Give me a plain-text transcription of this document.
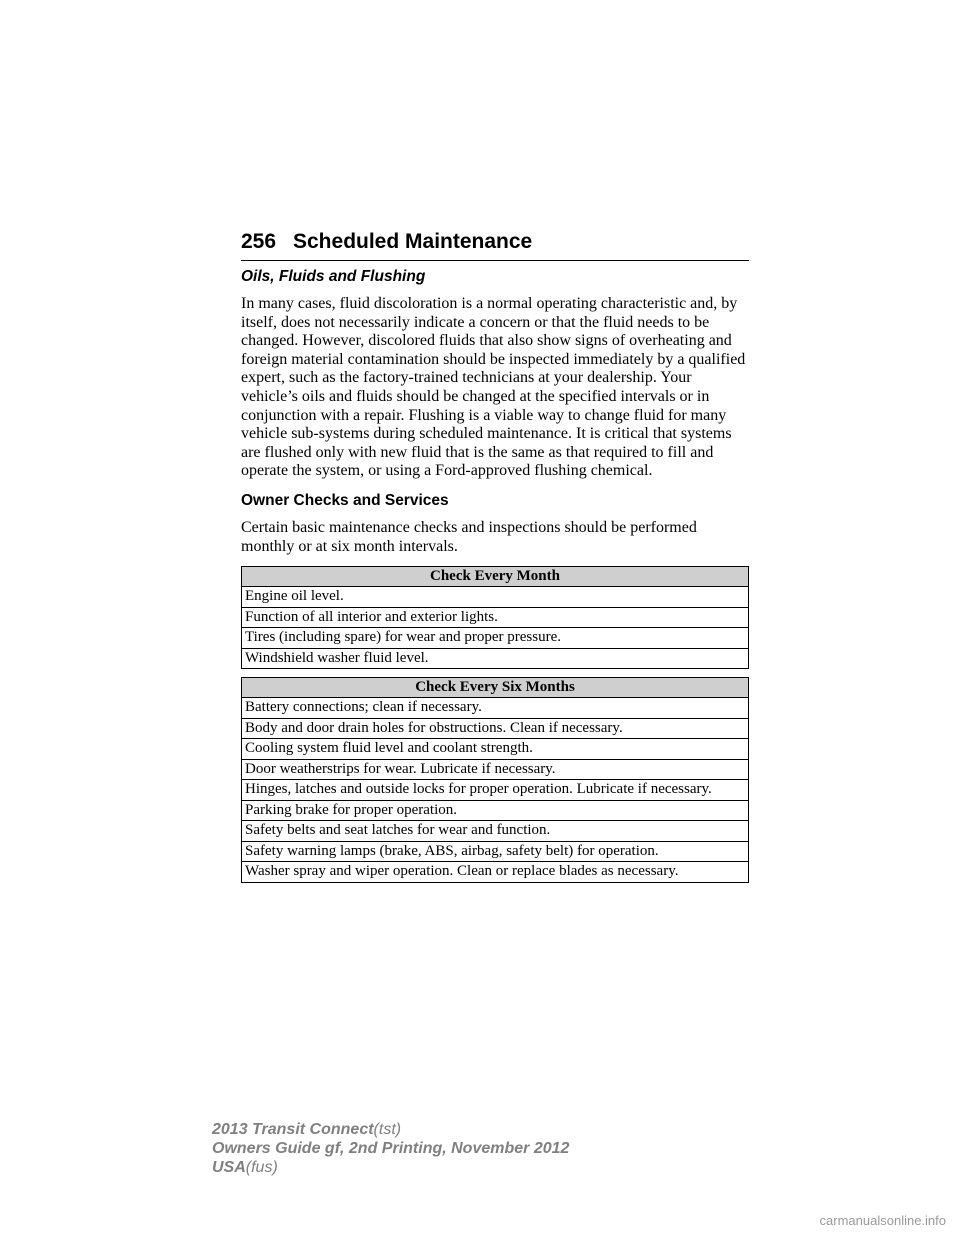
256 Scheduled Maintenance
Oils, Fluids and Flushing

In many cases, fluid discoloration is a normal operating characteristic and, by itself, does not necessarily indicate a concern or that the fluid needs to be changed. However, discolored fluids that also show signs of overheating and foreign material contamination should be inspected immediately by a qualified expert, such as the factory-trained technicians at your dealership. Your vehicle’s oils and fluids should be changed at the specified intervals or in conjunction with a repair. Flushing is a viable way to change fluid for many vehicle sub-systems during scheduled maintenance. It is critical that systems are flushed only with new fluid that is the same as that required to fill and operate the system, or using a Ford-approved flushing chemical.

Owner Checks and Services

Certain basic maintenance checks and inspections should be performed monthly or at six month intervals.

Check Every Month
Engine oil level.
Function of all interior and exterior lights.
Tires (including spare) for wear and proper pressure.
Windshield washer fluid level.
Check Every Six Months
Battery connections; clean if necessary.
Body and door drain holes for obstructions. Clean if necessary.
Cooling system fluid level and coolant strength.
Door weatherstrips for wear. Lubricate if necessary.
Hinges, latches and outside locks for proper operation. Lubricate if necessary.
Parking brake for proper operation.
Safety belts and seat latches for wear and function.
Safety warning lamps (brake, ABS, airbag, safety belt) for operation.
Washer spray and wiper operation. Clean or replace blades as necessary.
2013 Transit Connect(tst)
Owners Guide gf, 2nd Printing, November 2012
USA(fus)
carmanualsonline.info
